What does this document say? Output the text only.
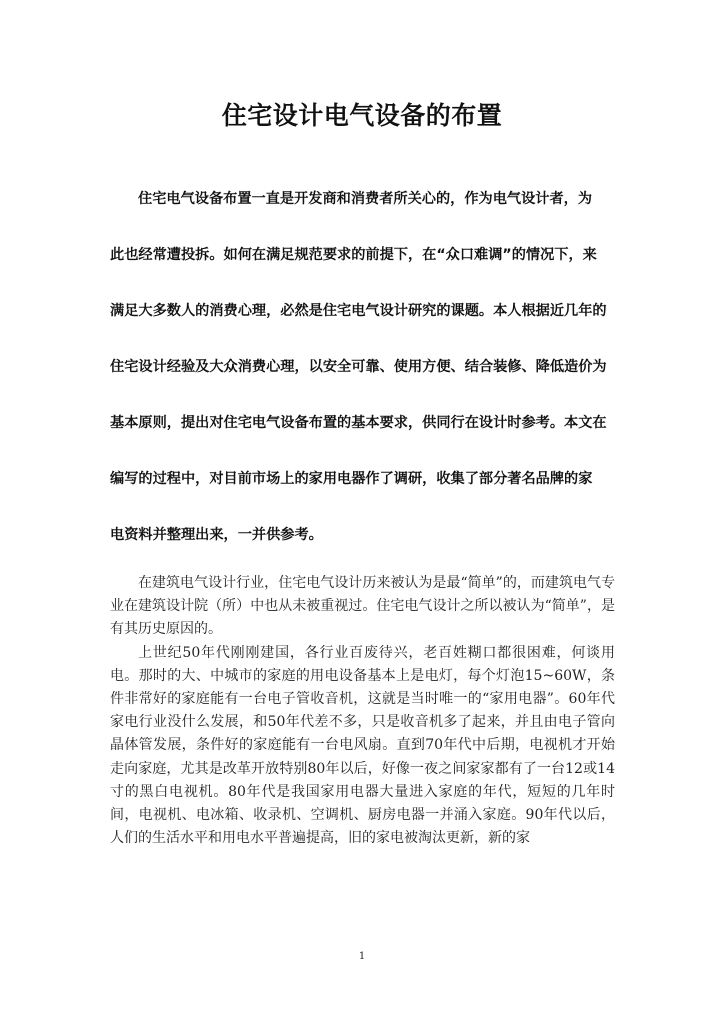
住宅设计电气设备的布置
住宅电气设备布置一直是开发商和消费者所关心的，作为电气设计者，为
此也经常遭投拆。如何在满足规范要求的前提下，在“众口难调”的情况下，来
满足大多数人的消费心理，必然是住宅电气设计研究的课题。本人根据近几年的
住宅设计经验及大众消费心理，以安全可靠、使用方便、结合装修、降低造价为
基本原则，提出对住宅电气设备布置的基本要求，供同行在设计时参考。本文在
编写的过程中，对目前市场上的家用电器作了调研，收集了部分著名品牌的家
电资料并整理出来，一并供参考。

在建筑电气设计行业，住宅电气设计历来被认为是最“简单”的，而建筑电气专业在建筑设计院（所）中也从未被重视过。住宅电气设计之所以被认为“简单”，是有其历史原因的。

上世纪50年代刚刚建国，各行业百废待兴，老百姓糊口都很困难，何谈用电。那时的大、中城市的家庭的用电设备基本上是电灯，每个灯泡15~60W，条件非常好的家庭能有一台电子管收音机，这就是当时唯一的“家用电器”。60年代家电行业没什么发展，和50年代差不多，只是收音机多了起来，并且由电子管向晶体管发展，条件好的家庭能有一台电风扇。直到70年代中后期，电视机才开始走向家庭，尤其是改革开放特别80年以后，好像一夜之间家家都有了一台12或14寸的黑白电视机。80年代是我国家用电器大量进入家庭的年代，短短的几年时间，电视机、电冰箱、收录机、空调机、厨房电器一并涌入家庭。90年代以后，人们的生活水平和用电水平普遍提高，旧的家电被淘汰更新，新的家

1
